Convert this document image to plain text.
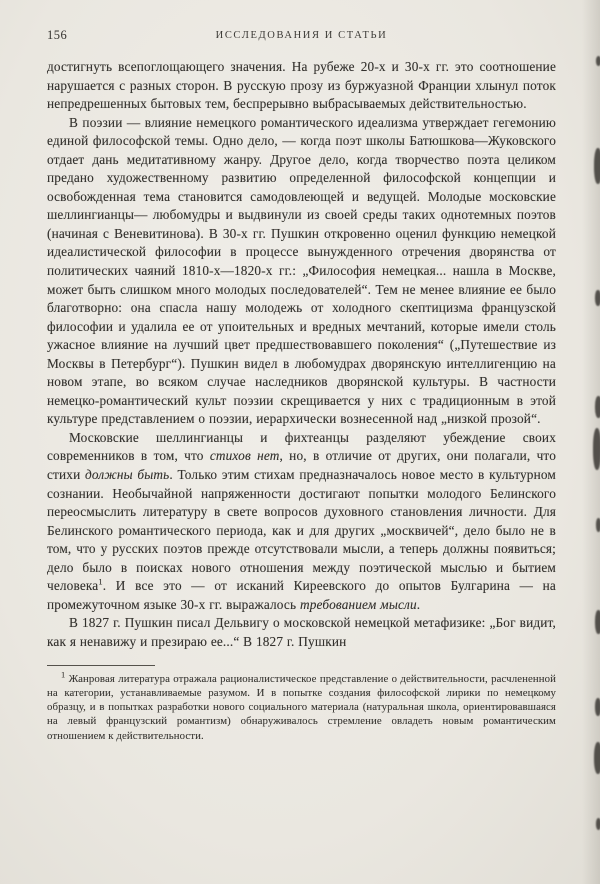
156	ИССЛЕДОВАНИЯ И СТАТЬИ

достигнуть всепоглощающего значения. На рубеже 20-х и 30-х гг. это соотношение нарушается с разных сторон. В русскую прозу из буржуазной Франции хлынул поток непредрешенных бытовых тем, беспрерывно выбрасываемых действительностью.

В поэзии — влияние немецкого романтического идеализма утверждает гегемонию единой философской темы. Одно дело, — когда поэт школы Батюшкова—Жуковского отдает дань медитативному жанру. Другое дело, когда творчество поэта целиком предано художественному развитию определенной философской концепции и освобожденная тема становится самодовлеющей и ведущей. Молодые московские шеллингианцы— любомудры и выдвинули из своей среды таких однотемных поэтов (начиная с Веневитинова). В 30-х гг. Пушкин откровенно оценил функцию немецкой идеалистической философии в процессе вынужденного отречения дворянства от политических чаяний 1810-х—1820-х гг.: „Философия немецкая... нашла в Москве, может быть слишком много молодых последователей“. Тем не менее влияние ее было благотворно: она спасла нашу молодежь от холодного скептицизма французской философии и удалила ее от упоительных и вредных мечтаний, которые имели столь ужасное влияние на лучший цвет предшествовавшего поколения“ („Путешествие из Москвы в Петербург“). Пушкин видел в любомудрах дворянскую интеллигенцию на новом этапе, во всяком случае наследников дворянской культуры. В частности немецко-романтический культ поэзии скрещивается у них с традиционным в этой культуре представлением о поэзии, иерархически вознесенной над „низкой прозой“.

Московские шеллингианцы и фихтеанцы разделяют убеждение своих современников в том, что стихов нет, но, в отличие от других, они полагали, что стихи должны быть. Только этим стихам предназначалось новое место в культурном сознании. Необычайной напряженности достигают попытки молодого Белинского переосмыслить литературу в свете вопросов духовного становления личности. Для Белинского романтического периода, как и для других „москвичей“, дело было не в том, что у русских поэтов прежде отсутствовали мысли, а теперь должны появиться; дело было в поисках нового отношения между поэтической мыслью и бытием человека$^1$. И все это — от исканий Киреевского до опытов Булгарина — на промежуточном языке 30-х гг. выражалось требованием мысли.

В 1827 г. Пушкин писал Дельвигу о московской немецкой метафизике: „Бог видит, как я ненавижу и презираю ее...“ В 1827 г. Пушкин

$^1$ Жанровая литература отражала рационалистическое представление о действительности, расчлененной на категории, устанавливаемые разумом. И в попытке создания философской лирики по немецкому образцу, и в попытках разработки нового социального материала (натуральная школа, ориентировавшаяся на левый французский романтизм) обнаруживалось стремление овладеть новым романтическим отношением к действительности.
